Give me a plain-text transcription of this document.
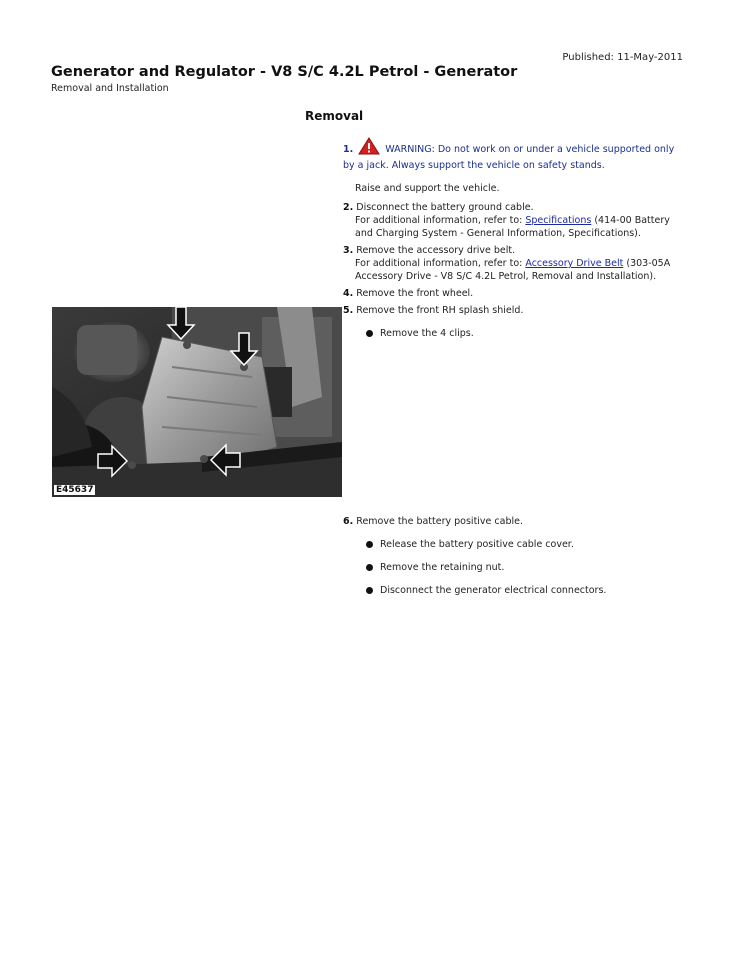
Published: 11-May-2011
Generator and Regulator - V8 S/C 4.2L Petrol - Generator
Removal and Installation
Removal

1.	WARNING: Do not work on or under a vehicle supported only by a jack. Always support the vehicle on safety stands.

Raise and support the vehicle.

2. Disconnect the battery ground cable.

For additional information, refer to: Specifications (414-00 Battery and Charging System - General Information, Specifications).

3. Remove the accessory drive belt.

For additional information, refer to: Accessory Drive Belt (303-05A Accessory Drive - V8 S/C 4.2L Petrol, Removal and Installation).

4. Remove the front wheel.

5. Remove the front RH splash shield.

Remove the 4 clips.

6. Remove the battery positive cable.

Release the battery positive cable cover.

Remove the retaining nut.

Disconnect the generator electrical connectors.

E45637
